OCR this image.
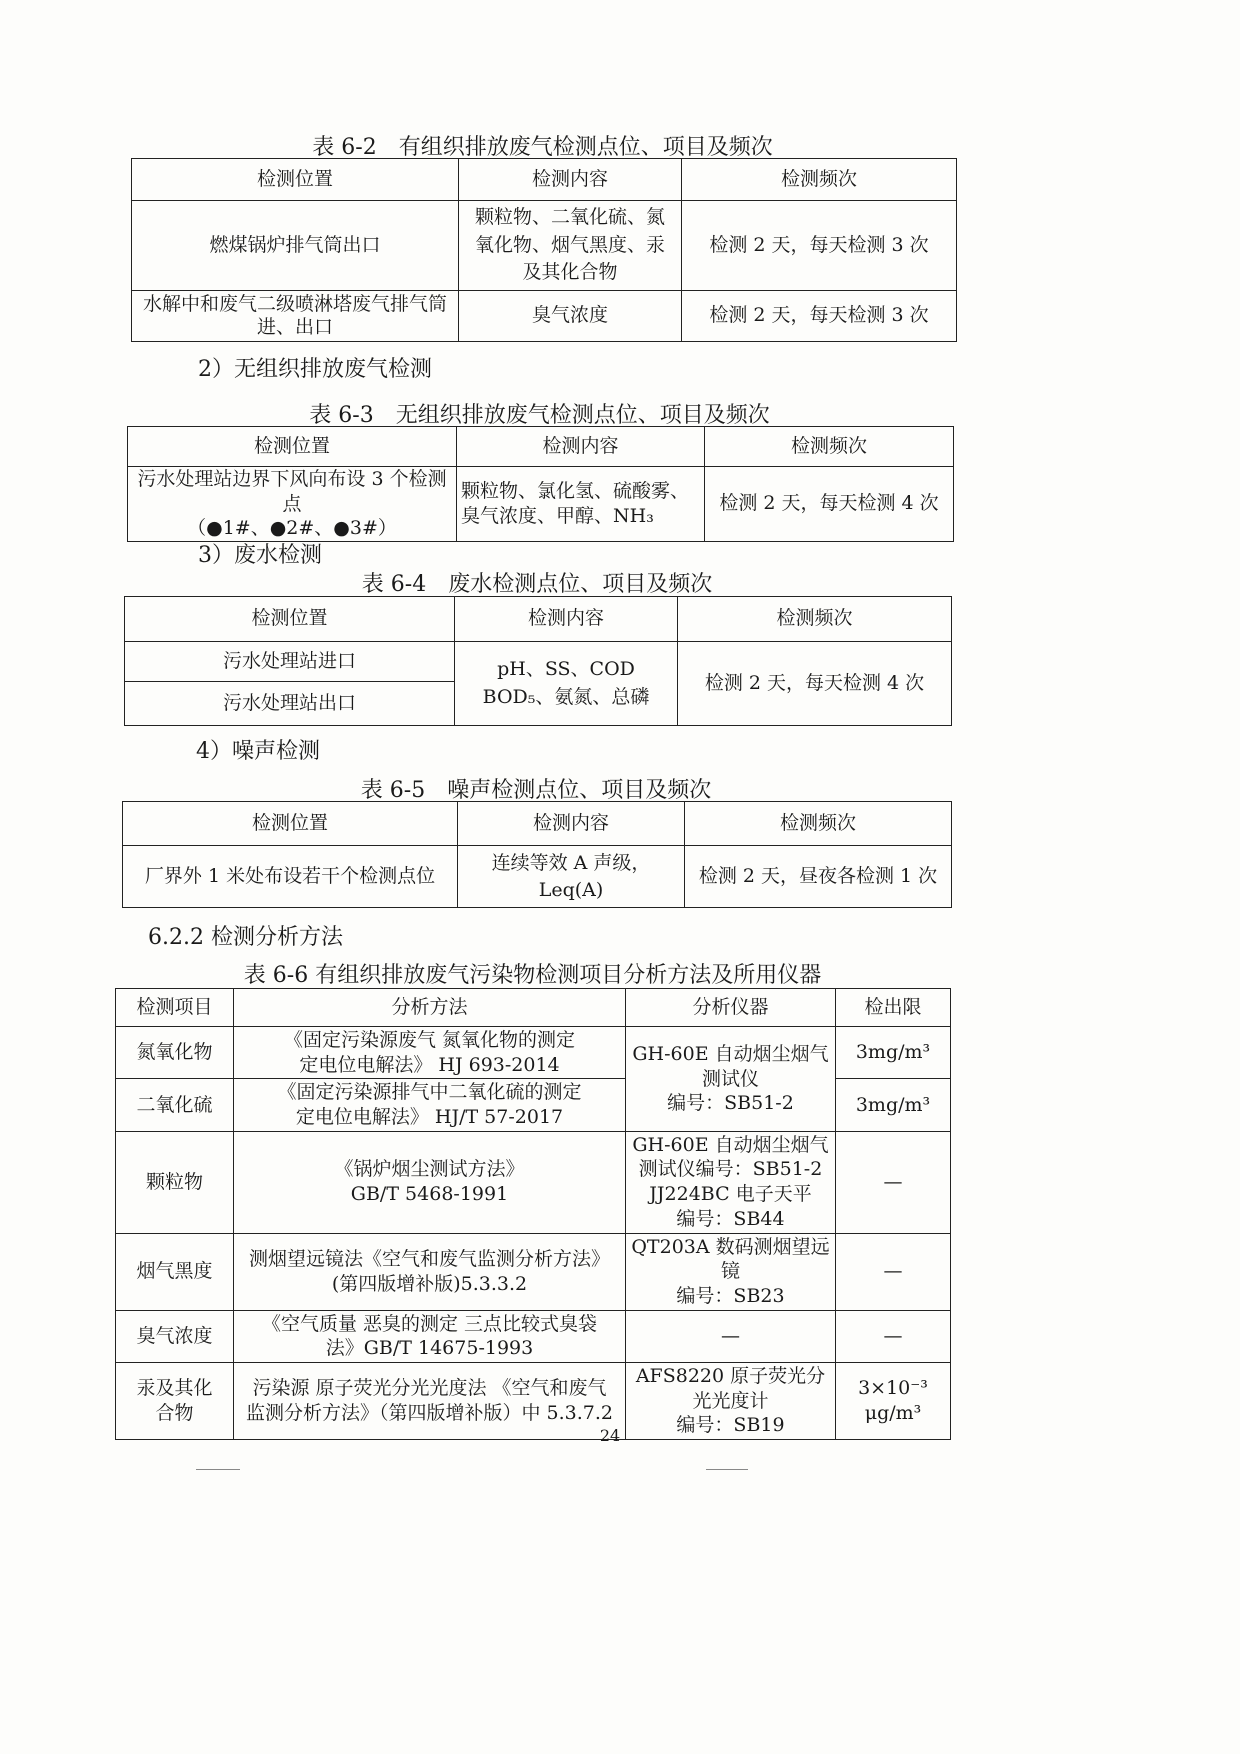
表 6-2　有组织排放废气检测点位、项目及频次
检测位置	检测内容	检测频次
燃煤锅炉排气筒出口	颗粒物、二氧化硫、氮
氧化物、烟气黑度、汞
及其化合物	检测 2 天，每天检测 3 次
水解中和废气二级喷淋塔废气排气筒
进、出口	臭气浓度	检测 2 天，每天检测 3 次
2）无组织排放废气检测
表 6-3　无组织排放废气检测点位、项目及频次
检测位置	检测内容	检测频次
污水处理站边界下风向布设 3 个检测点
（●1#、●2#、●3#）	颗粒物、氯化氢、硫酸雾、
臭气浓度、甲醇、NH₃	检测 2 天，每天检测 4 次
3）废水检测
表 6-4　废水检测点位、项目及频次
检测位置	检测内容	检测频次
污水处理站进口	pH、SS、COD
BOD₅、氨氮、总磷	检测 2 天，每天检测 4 次
污水处理站出口		
4）噪声检测
表 6-5　噪声检测点位、项目及频次
检测位置	检测内容	检测频次
厂界外 1 米处布设若干个检测点位	连续等效 A 声级，
Leq(A)	检测 2 天，昼夜各检测 1 次
6.2.2 检测分析方法
表 6-6 有组织排放废气污染物检测项目分析方法及所用仪器
检测项目	分析方法	分析仪器	检出限
氮氧化物	《固定污染源废气 氮氧化物的测定
定电位电解法》 HJ 693-2014	GH-60E 自动烟尘烟气
测试仪
编号：SB51-2	3mg/m³
二氧化硫	《固定污染源排气中二氧化硫的测定
定电位电解法》 HJ/T 57-2017		3mg/m³
颗粒物	《锅炉烟尘测试方法》
GB/T 5468-1991	GH-60E 自动烟尘烟气
测试仪编号：SB51-2
JJ224BC 电子天平
编号：SB44	—
烟气黑度	测烟望远镜法《空气和废气监测分析方法》
(第四版增补版)5.3.3.2	QT203A 数码测烟望远
镜
编号：SB23	—
臭气浓度	《空气质量 恶臭的测定 三点比较式臭袋
法》GB/T 14675-1993	—	—
汞及其化
合物	污染源 原子荧光分光光度法 《空气和废气
监测分析方法》（第四版增补版）中 5.3.7.2	AFS8220 原子荧光分
光光度计
编号：SB19	3×10⁻³
μg/m³
24
